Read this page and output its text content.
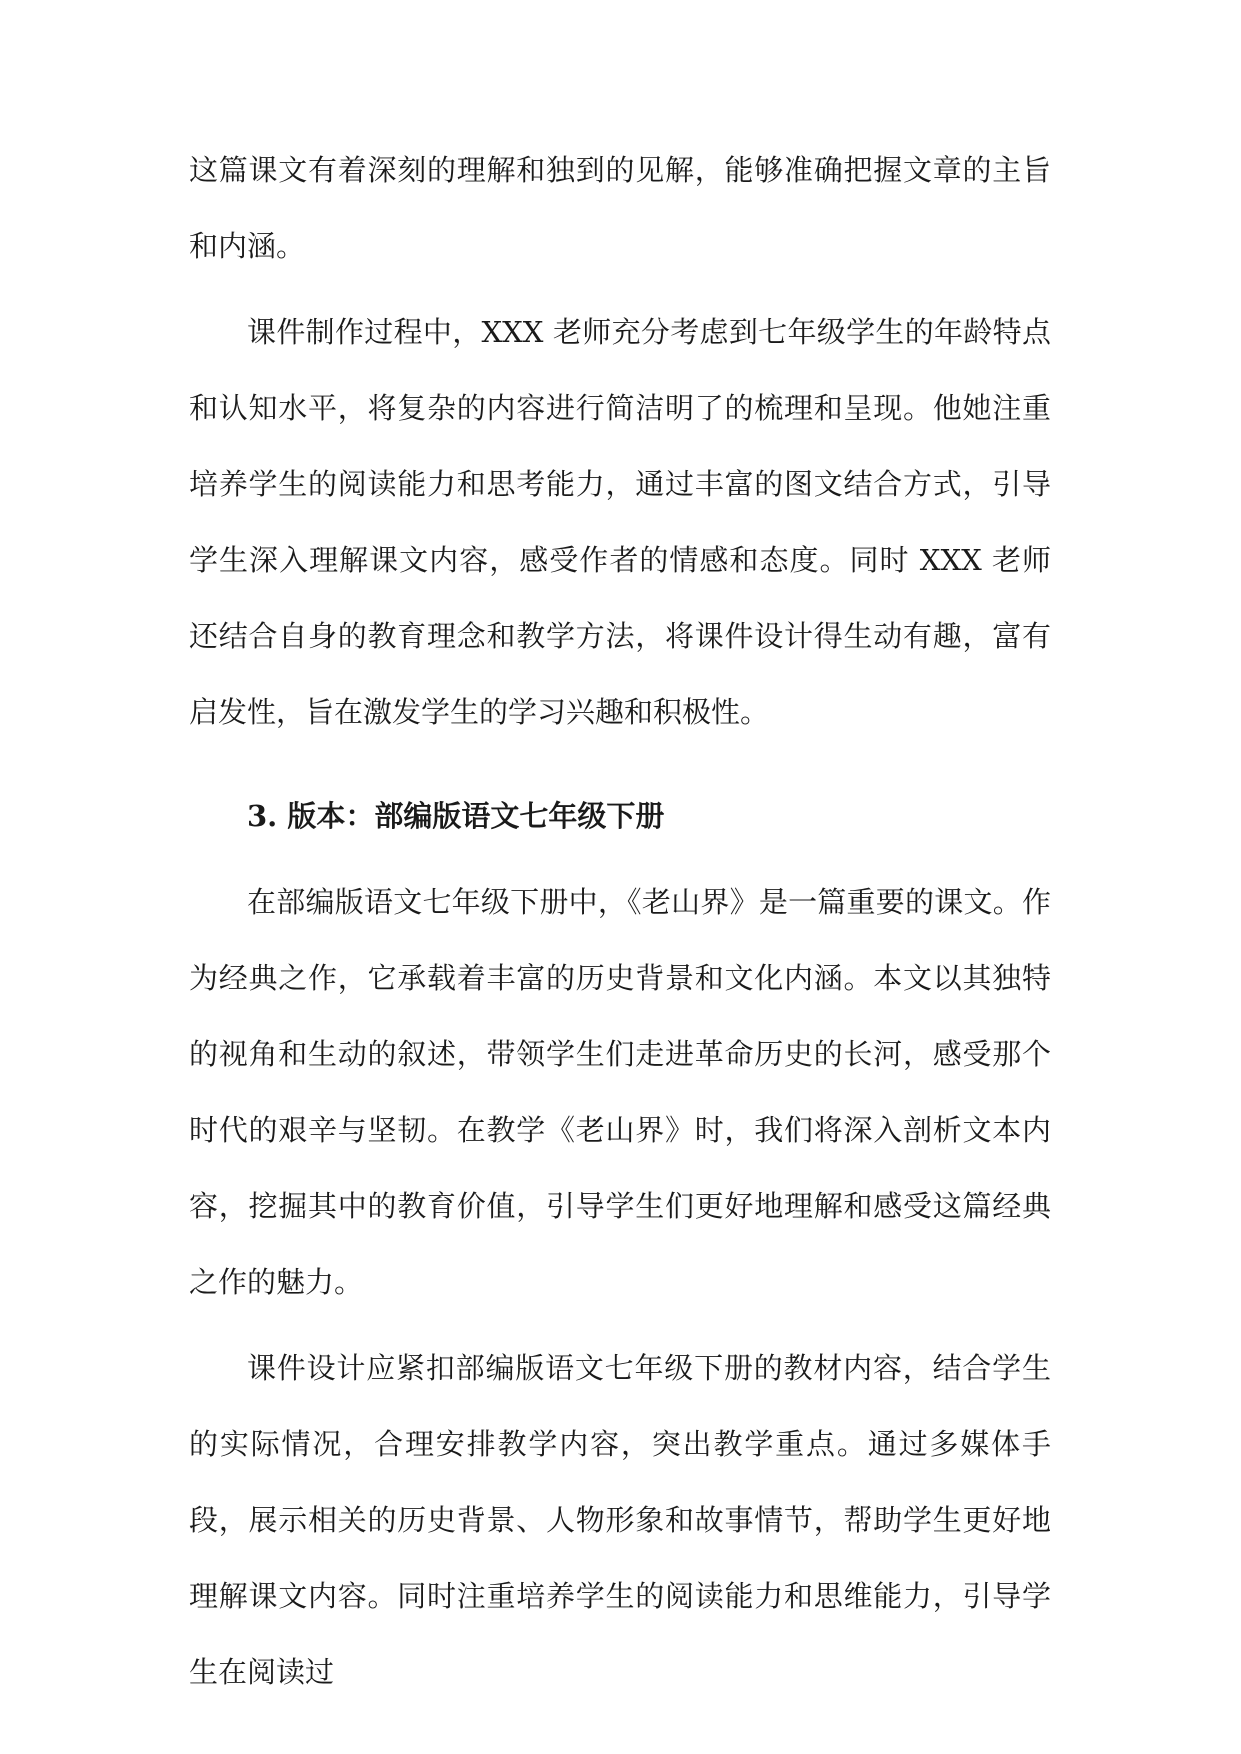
这篇课文有着深刻的理解和独到的见解，能够准确把握文章的主旨和内涵。

课件制作过程中，XXX 老师充分考虑到七年级学生的年龄特点和认知水平，将复杂的内容进行简洁明了的梳理和呈现。他她注重培养学生的阅读能力和思考能力，通过丰富的图文结合方式，引导学生深入理解课文内容，感受作者的情感和态度。同时 XXX 老师还结合自身的教育理念和教学方法，将课件设计得生动有趣，富有启发性，旨在激发学生的学习兴趣和积极性。

3. 版本：部编版语文七年级下册

在部编版语文七年级下册中，《老山界》是一篇重要的课文。作为经典之作，它承载着丰富的历史背景和文化内涵。本文以其独特的视角和生动的叙述，带领学生们走进革命历史的长河，感受那个时代的艰辛与坚韧。在教学《老山界》时，我们将深入剖析文本内容，挖掘其中的教育价值，引导学生们更好地理解和感受这篇经典之作的魅力。

课件设计应紧扣部编版语文七年级下册的教材内容，结合学生的实际情况，合理安排教学内容，突出教学重点。通过多媒体手段，展示相关的历史背景、人物形象和故事情节，帮助学生更好地理解课文内容。同时注重培养学生的阅读能力和思维能力，引导学生在阅读过
